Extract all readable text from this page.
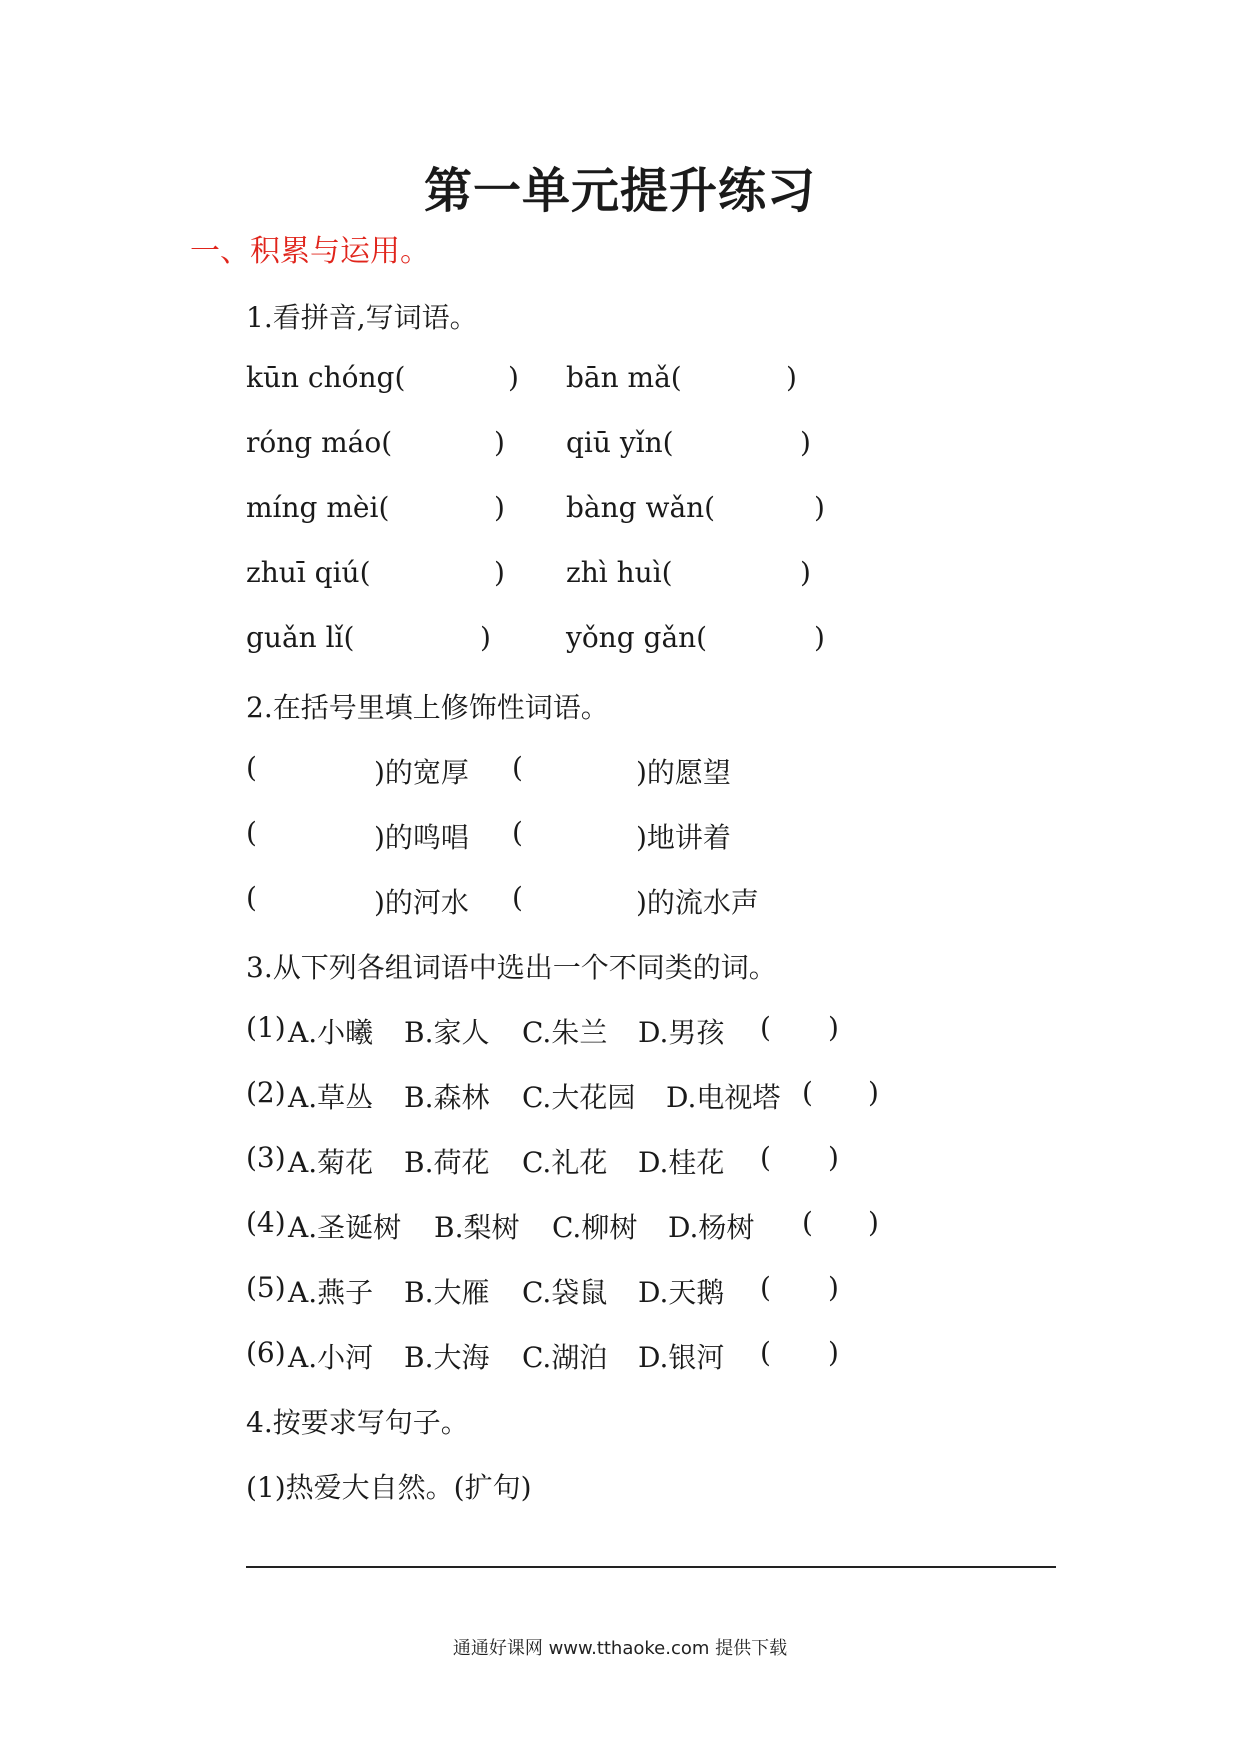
第一单元提升练习
一、积累与运用。
1.看拼音,写词语。
kūn chóng(	) bān mǎ(	)
róng máo(	) qiū yǐn(	)
míng mèi(	) bàng wǎn(	)
zhuī qiú(	) zhì huì(	)
guǎn lǐ(	)	yǒng gǎn(	)
2.在括号里填上修饰性词语。
(	)的宽厚 (	)的愿望
(	)的鸣唱 (	)地讲着
(	)的河水 (	)的流水声
3.从下列各组词语中选出一个不同类的词。
(1) A.小曦 B.家人 C.朱兰 D.男孩 ( )
(2) A.草丛 B.森林 C.大花园 D.电视塔 ( )
(3) A.菊花 B.荷花 C.礼花 D.桂花 ( )
(4) A.圣诞树 B.梨树 C.柳树 D.杨树 ( )
(5) A.燕子 B.大雁 C.袋鼠 D.天鹅 ( )
(6) A.小河 B.大海 C.湖泊 D.银河 ( )
4.按要求写句子。
(1)热爱大自然。(扩句)
通通好课网 www.tthaoke.com 提供下载
